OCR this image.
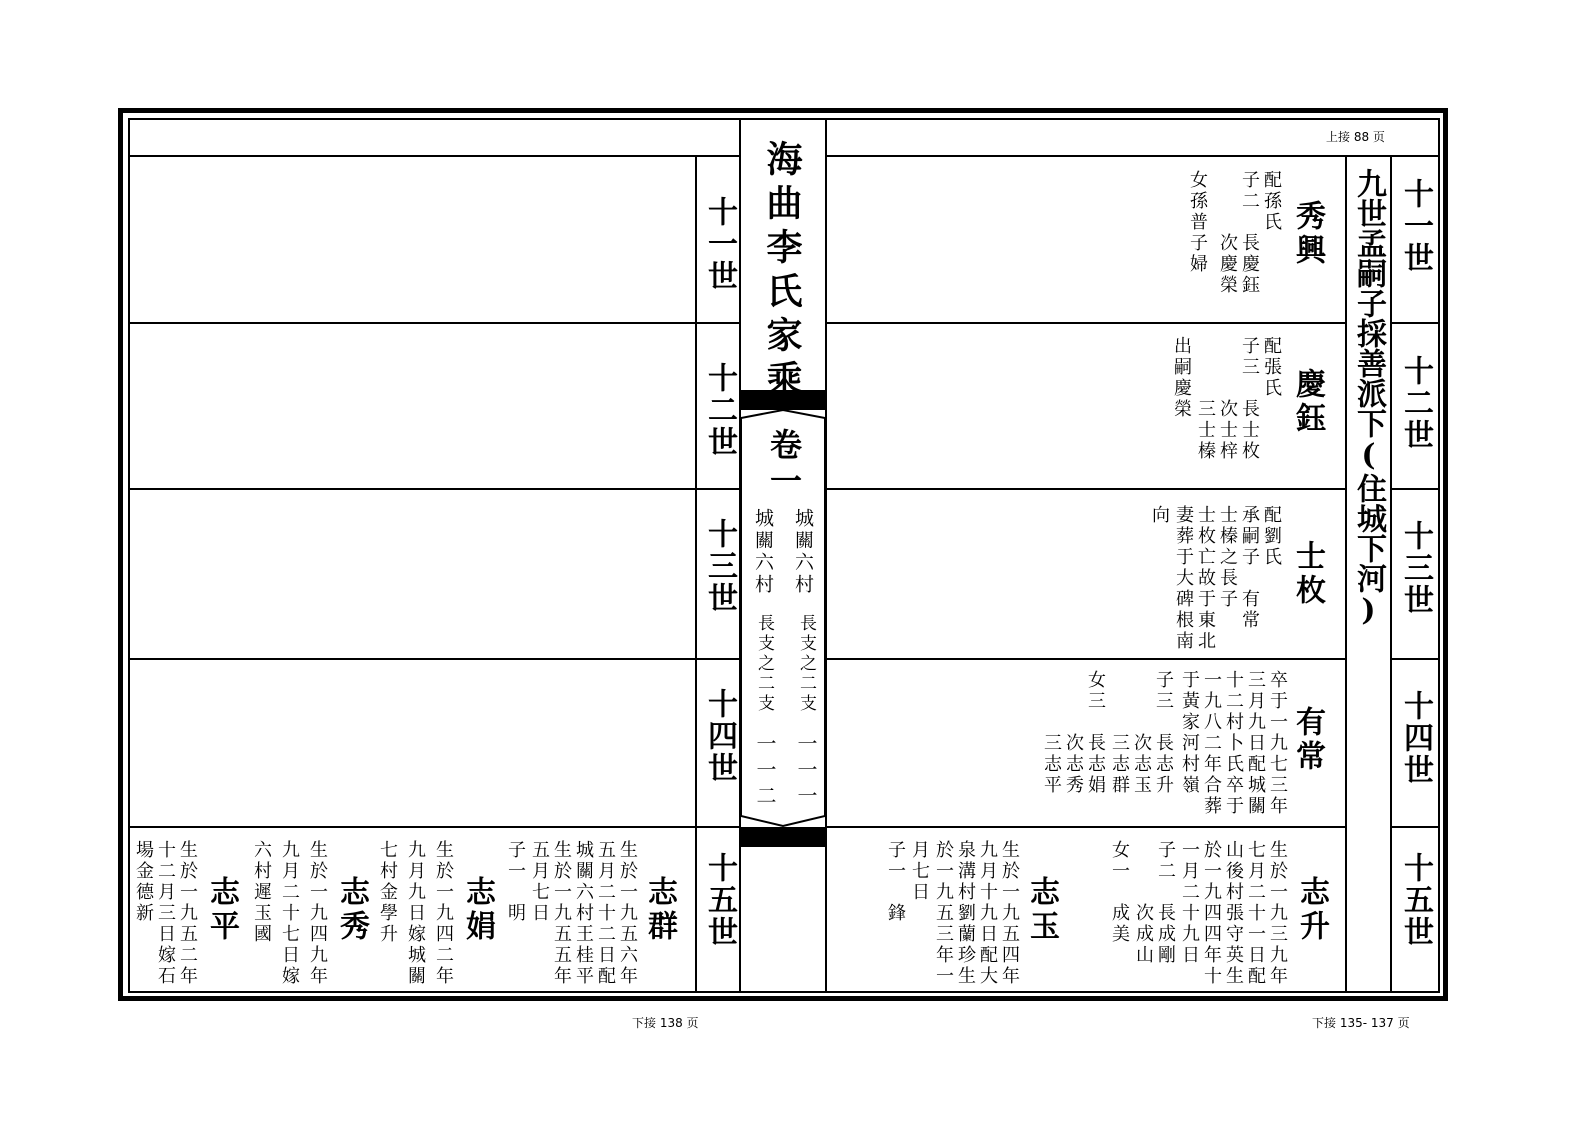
上接 88 页
下接 138 页	下接 135- 137 页
海曲李氏家乘
卷一
城關六村
城關六村
長支之二支
長支之二支
一一一
一一二
九世孟嗣子採善派下(住城下河) 十一世
十二世
十三世
十四世
十五世
十一世
十二世
十三世
十四世
十五世
秀興
配孫氏
子二　長慶鈺
　　　次慶榮
女孫普子婦
慶鈺
配張氏
子三　長士枚
　　　次士梓
　　　三士榛
出嗣慶榮
士枚
配劉氏
承嗣子　有常
士榛之長子
士枚亡故于東北
妻葬于大碑根南
向
有常
卒于一九七三年
三月九日配城關
十二村卜氏卒于
一九八二年合葬
于黃家河村嶺
子三　長志升
　　　次志玉
　　　三志群
女三　長志娟
　　　次志秀
　　　三志平
志升
生於一九三九年
七月二十一日配
山後村張守英生
於一九四四年十
一月二十九日
子二　長成剛
　　　次成山
女一　成美
志玉
生於一九五四年
九月十九日配大
泉溝村劉蘭珍生
於一九五三年一
月七日
子一　鋒
志群
生於一九五六年
五月二十二日配
城關六村王桂平
生於一九五五年
五月七日
子一　明
志娟
生於一九四二年
九月九日嫁城關
七村金學升
志秀
生於一九四九年
九月二十七日嫁
六村遲玉國
志平
生於一九五二年
十二月三日嫁石
場金德新
